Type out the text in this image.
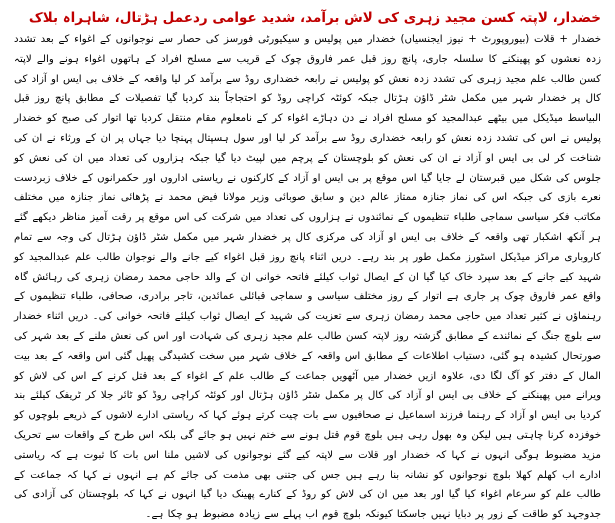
خضدار، لاپتہ کسن مجید زہری کی لاش برآمد، شدید عوامی ردعمل ہڑتال، شاہراہ بلاک

خضدار + قلات (بیوروپورٹ + نیوز ایجنسیاں) خضدار میں پولیس و سیکیورٹی فورسز کی حصار سے نوجوانوں کے اغواء کے بعد تشدد زدہ نعشوں کو پھینکنے کا سلسلہ جاری، پانچ روز قبل عمر فاروق چوک کے قریب سے مسلح افراد کے ہاتھوں اغواء ہونے والے لاپتہ کسن طالب علم مجید زہری کی تشدد زدہ نعش کو پولیس نے رابعہ خضداری روڈ سے برآمد کر لیا واقعہ کے خلاف بی ایس او آزاد کی کال پر خضدار شہر میں مکمل شٹر ڈاؤن ہڑتال جبکہ کوئٹہ کراچی روڈ کو احتجاجاً بند کردیا گیا تفصیلات کے مطابق پانچ روز قبل البیاسط میڈیکل میں بیٹھے عبدالمجید کو مسلح افراد نے دن دہاڑے اغواء کر کے نامعلوم مقام منتقل کردیا تھا اتوار کی صبح کو خضدار پولیس نے اس کی تشدد زدہ نعش کو رابعہ خضداری روڈ سے برآمد کر لیا اور سول ہسپتال پہنچا دیا جہاں پر ان کے ورثاء نے ان کی شناخت کر لی بی ایس او آزاد نے ان کی نعش کو بلوچستان کے پرچم میں لپیٹ دیا گیا جبکہ ہزاروں کی تعداد میں ان کی نعش کو جلوس کی شکل میں قبرستان لے جایا گیا اس موقع پر بی ایس او آزاد کے کارکنوں نے ریاستی اداروں اور حکمرانوں کے خلاف زبردست نعرے بازی کی جبکہ اس کی نماز جنازہ ممتاز عالم دین و سابق صوبائی وزیر مولانا فیض محمد نے پڑھائی نماز جنازہ میں مختلف مکاتب فکر سیاسی سماجی طلباء تنظیموں کے نمائندوں نے ہزاروں کی تعداد میں شرکت کی اس موقع پر رقت آمیز مناظر دیکھے گئے ہر آنکھ اشکبار تھی واقعہ کے خلاف بی ایس او آزاد کی مرکزی کال پر خضدار شہر میں مکمل شٹر ڈاؤن ہڑتال کی وجہ سے تمام کاروباری مراکز میڈیکل اسٹورز مکمل طور پر بند رہے۔ دریں اثناء پانچ روز قبل اغواء کیے جانے والے نوجوان طالب علم عبدالمجید کو شہید کیے جانے کے بعد سپرد خاک کیا گیا ان کے ایصال ثواب کیلئے فاتحہ خوانی ان کے والد حاجی محمد رمضان زہری کی رہائش گاہ واقع عمر فاروق چوک پر جاری ہے اتوار کے روز مختلف سیاسی و سماجی قبائلی عمائدین، تاجر برادری، صحافی، طلباء تنظیموں کے رہنماؤں نے کثیر تعداد میں حاجی محمد رمضان زہری سے تعزیت کی شہید کے ایصال ثواب کیلئے فاتحہ خوانی کی۔ دریں اثناء خضدار سے بلوچ جنگ کے نمائندے کے مطابق گزشتہ روز لاپتہ کسن طالب علم مجید زہری کی شہادت اور اس کی نعش ملنے کے بعد شہر کی صورتحال کشیدہ ہو گئی، دستیاب اطلاعات کے مطابق اس واقعہ کے خلاف شہر میں سخت کشیدگی پھیل گئی اس واقعہ کے بعد بیت المال کے دفتر کو آگ لگا دی، علاوہ ازیں خضدار میں آٹھویں جماعت کے طالب علم کے اغواء کے بعد قتل کرنے کے اس کی لاش کو ویرانے میں پھینکنے کے خلاف بی ایس او آزاد کی کال پر مکمل شٹر ڈاؤن ہڑتال اور کوئٹہ کراچی روڈ کو ٹائر جلا کر ٹریفک کیلئے بند کردیا بی ایس او آزاد کے رہنما فرزند اسماعیل نے صحافیوں سے بات چیت کرتے ہوئے کہا کہ ریاستی ادارے لاشوں کے ذریعے بلوچوں کو خوفزدہ کرنا چاہتی ہیں لیکن وہ بھول رہی ہیں بلوچ قوم قتل ہونے سے ختم نہیں ہو جائے گی بلکہ اس طرح کے واقعات سے تحریک مزید مضبوط ہوگی انہوں نے کہا کہ خضدار اور قلات سے لاپتہ کیے گئے نوجوانوں کی لاشیں ملنا اس بات کا ثبوت ہے کہ ریاستی ادارے اب کھلم کھلا بلوچ نوجوانوں کو نشانہ بنا رہے ہیں جس کی جتنی بھی مذمت کی جائے کم ہے انہوں نے کہا کہ جماعت کے طالب علم کو سرعام اغواء کیا گیا اور بعد میں ان کی لاش کو روڈ کے کنارے پھینک دیا گیا انہوں نے کہا کہ بلوچستان کی آزادی کی جدوجہد کو طاقت کے زور پر دبایا نہیں جاسکتا کیونکہ بلوچ قوم اب پہلے سے زیادہ مضبوط ہو چکا ہے۔
